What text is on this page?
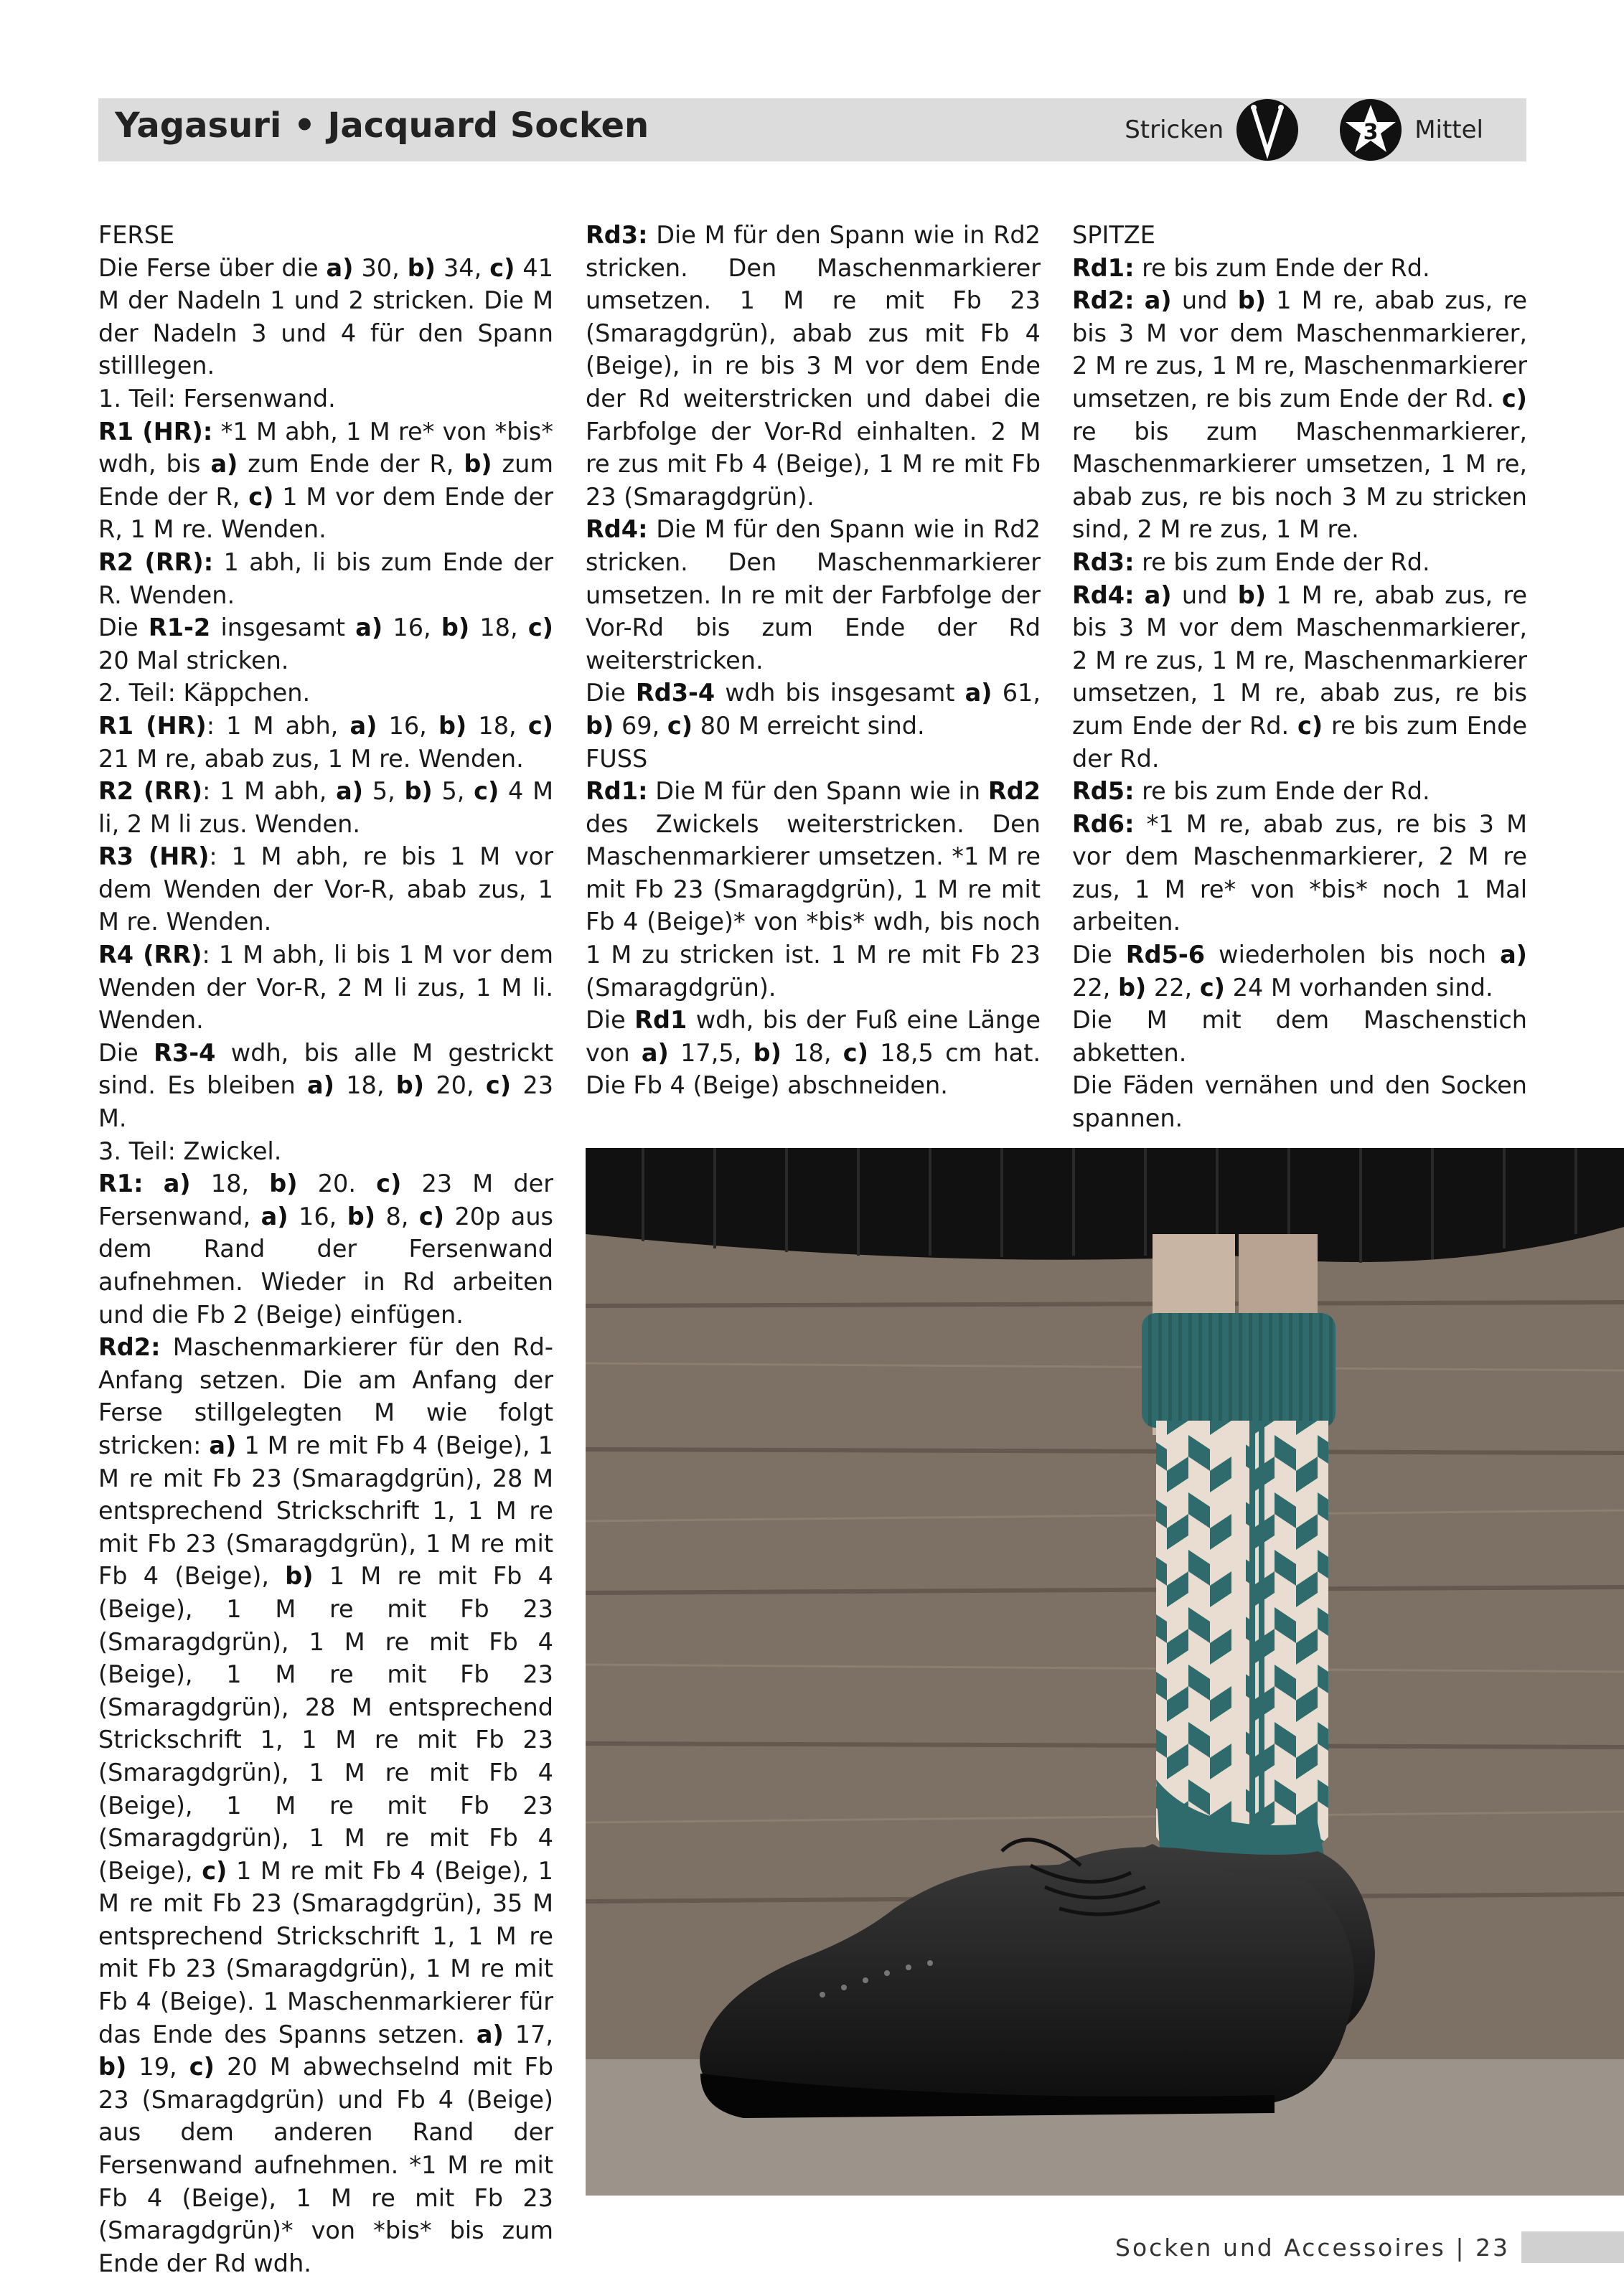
Yagasuri • Jacquard Socken	Stricken	3 Mittel

FERSE

Die Ferse über die a) 30, b) 34, c) 41 M der Nadeln 1 und 2 stricken. Die M der Nadeln 3 und 4 für den Spann stilllegen.

1. Teil: Fersenwand.

R1 (HR): *1 M abh, 1 M re* von *bis* wdh, bis a) zum Ende der R, b) zum Ende der R, c) 1 M vor dem Ende der R, 1 M re. Wenden.

R2 (RR): 1 abh, li bis zum Ende der R. Wenden.

Die R1-2 insgesamt a) 16, b) 18, c) 20 Mal stricken.

2. Teil: Käppchen.

R1 (HR): 1 M abh, a) 16, b) 18, c) 21 M re, abab zus, 1 M re. Wenden.

R2 (RR): 1 M abh, a) 5, b) 5, c) 4 M li, 2 M li zus. Wenden.

R3 (HR): 1 M abh, re bis 1 M vor dem Wenden der Vor-R, abab zus, 1 M re. Wenden.

R4 (RR): 1 M abh, li bis 1 M vor dem Wenden der Vor-R, 2 M li zus, 1 M li. Wenden.

Die R3-4 wdh, bis alle M gestrickt sind. Es bleiben a) 18, b) 20, c) 23 M.

3. Teil: Zwickel.

R1: a) 18, b) 20. c) 23 M der Fersenwand, a) 16, b) 8, c) 20p aus dem Rand der Fersenwand aufnehmen. Wieder in Rd arbeiten und die Fb 2 (Beige) einfügen.

Rd2: Maschenmarkierer für den Rd-Anfang setzen. Die am Anfang der Ferse stillgelegten M wie folgt stricken: a) 1 M re mit Fb 4 (Beige), 1 M re mit Fb 23 (Smaragdgrün), 28 M entsprechend Strickschrift 1, 1 M re mit Fb 23 (Smaragdgrün), 1 M re mit Fb 4 (Beige), b) 1 M re mit Fb 4 (Beige), 1 M re mit Fb 23 (Smaragdgrün), 1 M re mit Fb 4 (Beige), 1 M re mit Fb 23 (Smaragdgrün), 28 M entsprechend Strickschrift 1, 1 M re mit Fb 23 (Smaragdgrün), 1 M re mit Fb 4 (Beige), 1 M re mit Fb 23 (Smaragdgrün), 1 M re mit Fb 4 (Beige), c) 1 M re mit Fb 4 (Beige), 1 M re mit Fb 23 (Smaragdgrün), 35 M entsprechend Strickschrift 1, 1 M re mit Fb 23 (Smaragdgrün), 1 M re mit Fb 4 (Beige). 1 Maschenmarkierer für das Ende des Spanns setzen. a) 17, b) 19, c) 20 M abwechselnd mit Fb 23 (Smaragdgrün) und Fb 4 (Beige) aus dem anderen Rand der Fersenwand aufnehmen. *1 M re mit Fb 4 (Beige), 1 M re mit Fb 23 (Smaragdgrün)* von *bis* bis zum Ende der Rd wdh.

Rd3: Die M für den Spann wie in Rd2 stricken. Den Maschenmarkierer umsetzen. 1 M re mit Fb 23 (Smaragdgrün), abab zus mit Fb 4 (Beige), in re bis 3 M vor dem Ende der Rd weiterstricken und dabei die Farbfolge der Vor-Rd einhalten. 2 M re zus mit Fb 4 (Beige), 1 M re mit Fb 23 (Smaragdgrün).

Rd4: Die M für den Spann wie in Rd2 stricken. Den Maschenmarkierer umsetzen. In re mit der Farbfolge der Vor-Rd bis zum Ende der Rd weiterstricken.

Die Rd3-4 wdh bis insgesamt a) 61, b) 69, c) 80 M erreicht sind.

FUSS

Rd1: Die M für den Spann wie in Rd2 des Zwickels weiterstricken. Den Maschenmarkierer umsetzen. *1 M re mit Fb 23 (Smaragdgrün), 1 M re mit Fb 4 (Beige)* von *bis* wdh, bis noch 1 M zu stricken ist. 1 M re mit Fb 23 (Smaragdgrün).

Die Rd1 wdh, bis der Fuß eine Länge von a) 17,5, b) 18, c) 18,5 cm hat. Die Fb 4 (Beige) abschneiden.

SPITZE

Rd1: re bis zum Ende der Rd.

Rd2: a) und b) 1 M re, abab zus, re bis 3 M vor dem Maschenmarkierer, 2 M re zus, 1 M re, Maschenmarkierer umsetzen, re bis zum Ende der Rd. c) re bis zum Maschenmarkierer, Maschenmarkierer umsetzen, 1 M re, abab zus, re bis noch 3 M zu stricken sind, 2 M re zus, 1 M re.

Rd3: re bis zum Ende der Rd.

Rd4: a) und b) 1 M re, abab zus, re bis 3 M vor dem Maschenmarkierer, 2 M re zus, 1 M re, Maschenmarkierer umsetzen, 1 M re, abab zus, re bis zum Ende der Rd. c) re bis zum Ende der Rd.

Rd5: re bis zum Ende der Rd.

Rd6: *1 M re, abab zus, re bis 3 M vor dem Maschenmarkierer, 2 M re zus, 1 M re* von *bis* noch 1 Mal arbeiten.

Die Rd5-6 wiederholen bis noch a) 22, b) 22, c) 24 M vorhanden sind.

Die M mit dem Maschenstich abketten.

Die Fäden vernähen und den Socken spannen.

Socken und Accessoires | 23
